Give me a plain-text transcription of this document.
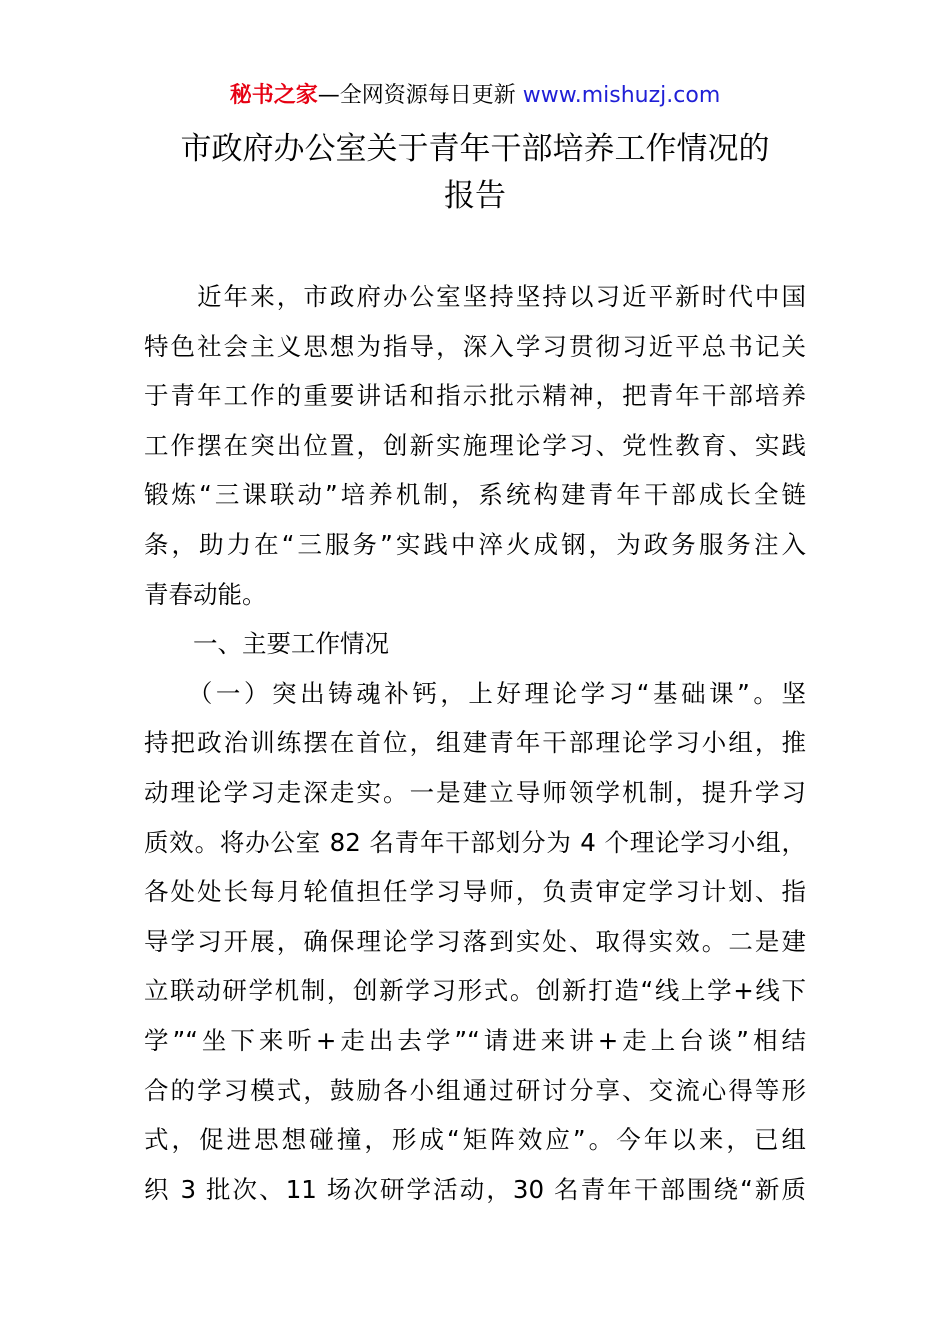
秘书之家—全网资源每日更新 www.mishuzj.com
市政府办公室关于青年干部培养工作情况的
报告
　　近年来，市政府办公室坚持坚持以习近平新时代中国
特色社会主义思想为指导，深入学习贯彻习近平总书记关
于青年工作的重要讲话和指示批示精神，把青年干部培养
工作摆在突出位置，创新实施理论学习、党性教育、实践
锻炼“三课联动”培养机制，系统构建青年干部成长全链
条，助力在“三服务”实践中淬火成钢，为政务服务注入
青春动能。
　　一、主要工作情况
　　（一）突出铸魂补钙，上好理论学习“基础课”。坚
持把政治训练摆在首位，组建青年干部理论学习小组，推
动理论学习走深走实。一是建立导师领学机制，提升学习
质效。将办公室 82 名青年干部划分为 4 个理论学习小组，
各处处长每月轮值担任学习导师，负责审定学习计划、指
导学习开展，确保理论学习落到实处、取得实效。二是建
立联动研学机制，创新学习形式。创新打造“线上学+线下
学”“坐下来听+走出去学”“请进来讲+走上台谈”相结
合的学习模式，鼓励各小组通过研讨分享、交流心得等形
式，促进思想碰撞，形成“矩阵效应”。今年以来，已组
织 3 批次、11 场次研学活动，30 名青年干部围绕“新质
